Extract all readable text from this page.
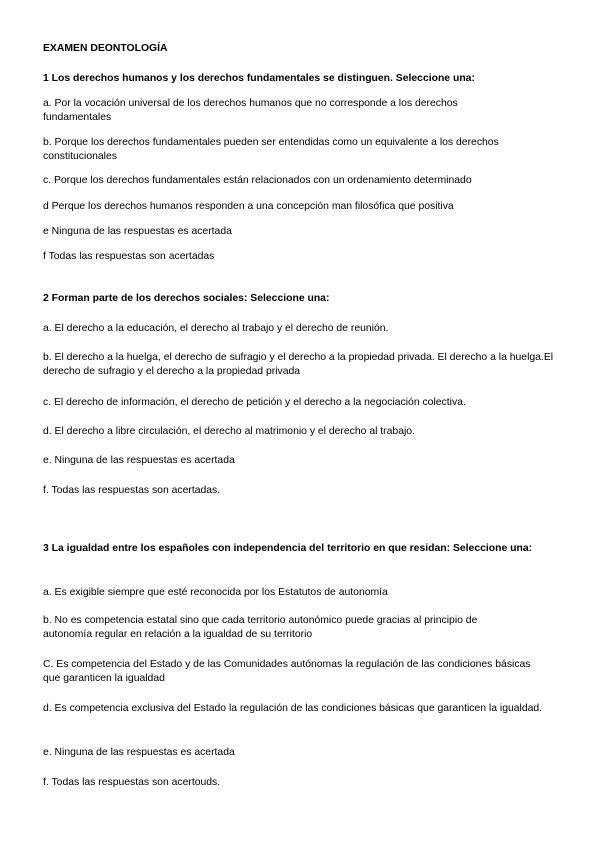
EXAMEN DEONTOLOGÍA
1 Los derechos humanos y los derechos fundamentales se distinguen. Seleccione una:
a. Por la vocación universal de los derechos humanos que no corresponde a los derechos fundamentales
b. Porque los derechos fundamentales pueden ser entendidas como un equivalente a los derechos constitucionales
c. Porque los derechos fundamentales están relacionados con un ordenamiento determinado
d Perque los derechos humanos responden a una concepción man filosófica que positiva
e Ninguna de las respuestas es acertada
f Todas las respuestas son acertadas
2 Forman parte de los derechos sociales: Seleccione una:
a. El derecho a la educación, el derecho al trabajo y el derecho de reunión.
b. El derecho a la huelga, el derecho de sufragio y el derecho a la propiedad privada. El derecho a la huelga.El derecho de sufragio y el derecho a la propiedad privada
c. El derecho de información, el derecho de petición y el derecho a la negociación colectiva.
d. El derecho a libre circulación, el derecho al matrimonio y el derecho al trabajo.
e. Ninguna de las respuestas es acertada
f. Todas las respuestas son acertadas.
3 La igualdad entre los españoles con independencia del territorio en que residan: Seleccione una:
a. Es exigible siempre que esté reconocida por los Estatutos de autonomía
b. No es competencia estatal sino que cada territorio autonómico puede gracias al principio de autonomía regular en relación a la igualdad de su territorio
C. Es competencia del Estado y de las Comunidades autónomas la regulación de las condiciones básicas que garanticen la igualdad
d. Es competencia exclusiva del Estado la regulación de las condiciones básicas que garanticen la igualdad.
e. Ninguna de las respuestas es acertada
f. Todas las respuestas son acertouds.
